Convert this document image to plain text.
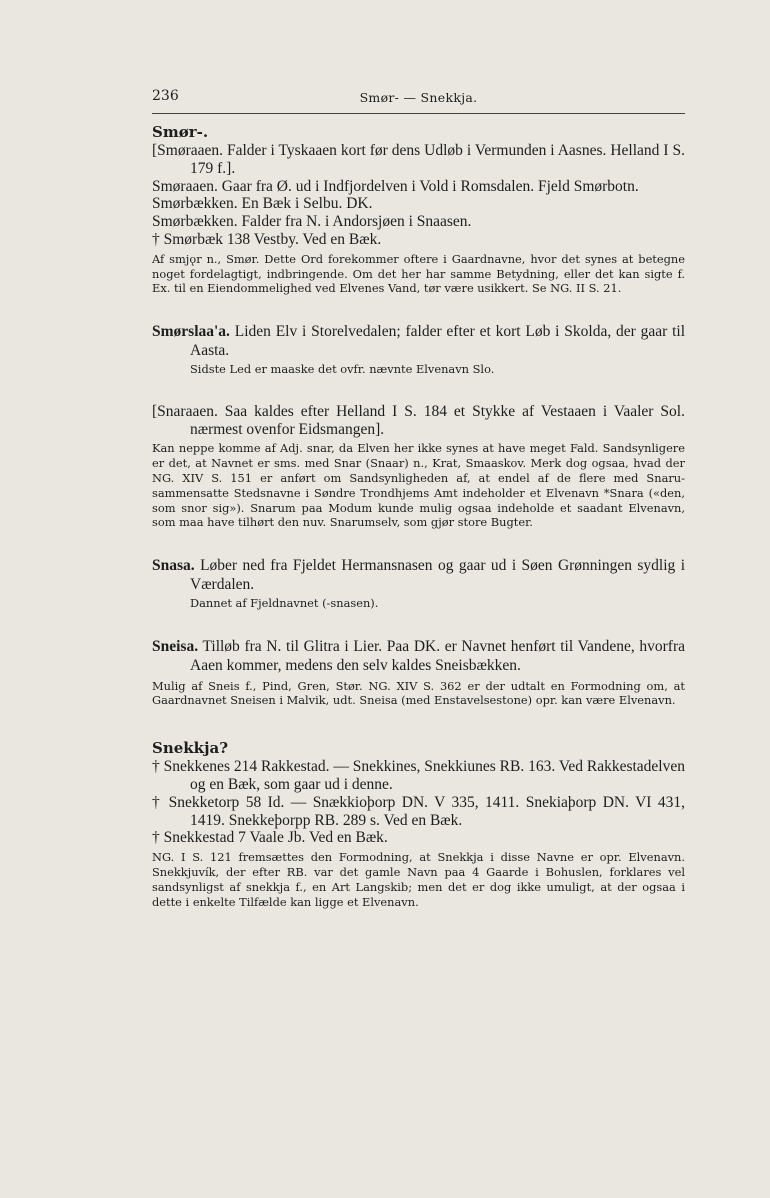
236	Smør- — Snekkja.

Smør-.

[Smøraaen. Falder i Tyskaaen kort før dens Udløb i Vermunden i Aasnes. Helland I S. 179 f.].

Smøraaen. Gaar fra Ø. ud i Indfjordelven i Vold i Romsdalen. Fjeld Smørbotn.

Smørbækken. En Bæk i Selbu. DK.

Smørbækken. Falder fra N. i Andorsjøen i Snaasen.

† Smørbæk 138 Vestby. Ved en Bæk.

Af smjǫr n., Smør. Dette Ord forekommer oftere i Gaardnavne, hvor det synes at betegne noget fordelagtigt, indbringende. Om det her har samme Betydning, eller det kan sigte f. Ex. til en Eiendommelighed ved Elvenes Vand, tør være usikkert. Se NG. II S. 21.

Smørslaa'a. Liden Elv i Storelvedalen; falder efter et kort Løb i Skolda, der gaar til Aasta.

Sidste Led er maaske det ovfr. nævnte Elvenavn Slo.

[Snaraaen. Saa kaldes efter Helland I S. 184 et Stykke af Vestaaen i Vaaler Sol. nærmest ovenfor Eidsmangen].

Kan neppe komme af Adj. snar, da Elven her ikke synes at have meget Fald. Sandsynligere er det, at Navnet er sms. med Snar (Snaar) n., Krat, Smaaskov. Merk dog ogsaa, hvad der NG. XIV S. 151 er anført om Sandsynligheden af, at endel af de flere med Snaru- sammensatte Stedsnavne i Søndre Trondhjems Amt indeholder et Elvenavn *Snara («den, som snor sig»). Snarum paa Modum kunde mulig ogsaa indeholde et saadant Elvenavn, som maa have tilhørt den nuv. Snarumselv, som gjør store Bugter.

Snasa. Løber ned fra Fjeldet Hermansnasen og gaar ud i Søen Grønningen sydlig i Værdalen.

Dannet af Fjeldnavnet (-snasen).

Sneisa. Tilløb fra N. til Glitra i Lier. Paa DK. er Navnet henført til Vandene, hvorfra Aaen kommer, medens den selv kaldes Sneisbækken.

Mulig af Sneis f., Pind, Gren, Stør. NG. XIV S. 362 er der udtalt en Formodning om, at Gaardnavnet Sneisen i Malvik, udt. Sneisa (med Enstavelsestone) opr. kan være Elvenavn.

Snekkja?

† Snekkenes 214 Rakkestad. — Snekkines, Snekkiunes RB. 163. Ved Rakkestadelven og en Bæk, som gaar ud i denne.

† Snekketorp 58 Id. — Snækkioþorp DN. V 335, 1411. Snekiaþorp DN. VI 431, 1419. Snekkeþorpp RB. 289 s. Ved en Bæk.

† Snekkestad 7 Vaale Jb. Ved en Bæk.

NG. I S. 121 fremsættes den Formodning, at Snekkja i disse Navne er opr. Elvenavn. Snekkjuvík, der efter RB. var det gamle Navn paa 4 Gaarde i Bohuslen, forklares vel sandsynligst af snekkja f., en Art Langskib; men det er dog ikke umuligt, at der ogsaa i dette i enkelte Tilfælde kan ligge et Elvenavn.
